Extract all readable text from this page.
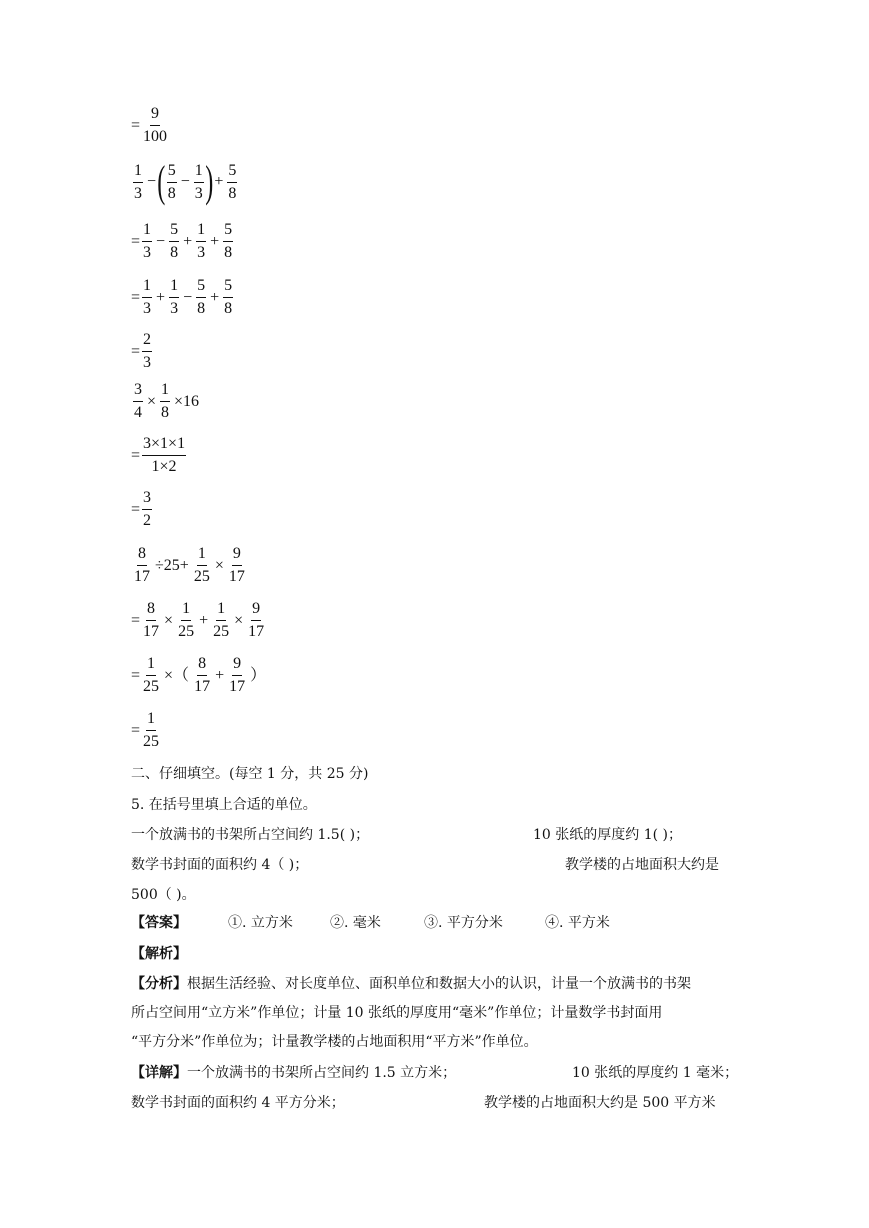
= $\frac{9}{100}$
$\frac{1}{3}$ − ( $\frac{5}{8} - \frac{1}{3}$ ) + $\frac{5}{8}$
= $\frac{1}{3} - \frac{5}{8} + \frac{1}{3} + \frac{5}{8}$
= $\frac{1}{3} + \frac{1}{3} - \frac{5}{8} + \frac{5}{8}$
= $\frac{2}{3}$
$\frac{3}{4} \times \frac{1}{8} \times 16$
= $\frac{3\times 1\times 1}{1\times 2}$
= $\frac{3}{2}$
$\frac{8}{17} \div 25+ \frac{1}{25} \times \frac{9}{17}$
= $\frac{8}{17} \times \frac{1}{25} + \frac{1}{25} \times \frac{9}{17}$
= $\frac{1}{25}$ ×（ $\frac{8}{17} + \frac{9}{17}$ ）
= $\frac{1}{25}$
二、仔细填空。(每空 1 分，共 25 分)
5. 在括号里填上合适的单位。
一个放满书的书架所占空间约 1.5( )；	10 张纸的厚度约 1( )；
数学书封面的面积约 4（ )；	教学楼的占地面积大约是
500（ )。
【答案】	①. 立方米	②. 毫米	③. 平方分米	④. 平方米
【解析】
【分析】根据生活经验、对长度单位、面积单位和数据大小的认识，计量一个放满书的书架
所占空间用“立方米”作单位；计量 10 张纸的厚度用“毫米”作单位；计量数学书封面用
“平方分米”作单位为；计量教学楼的占地面积用“平方米”作单位。
【详解】一个放满书的书架所占空间约 1.5 立方米；	10 张纸的厚度约 1 毫米；
数学书封面的面积约 4 平方分米；	教学楼的占地面积大约是 500 平方米
